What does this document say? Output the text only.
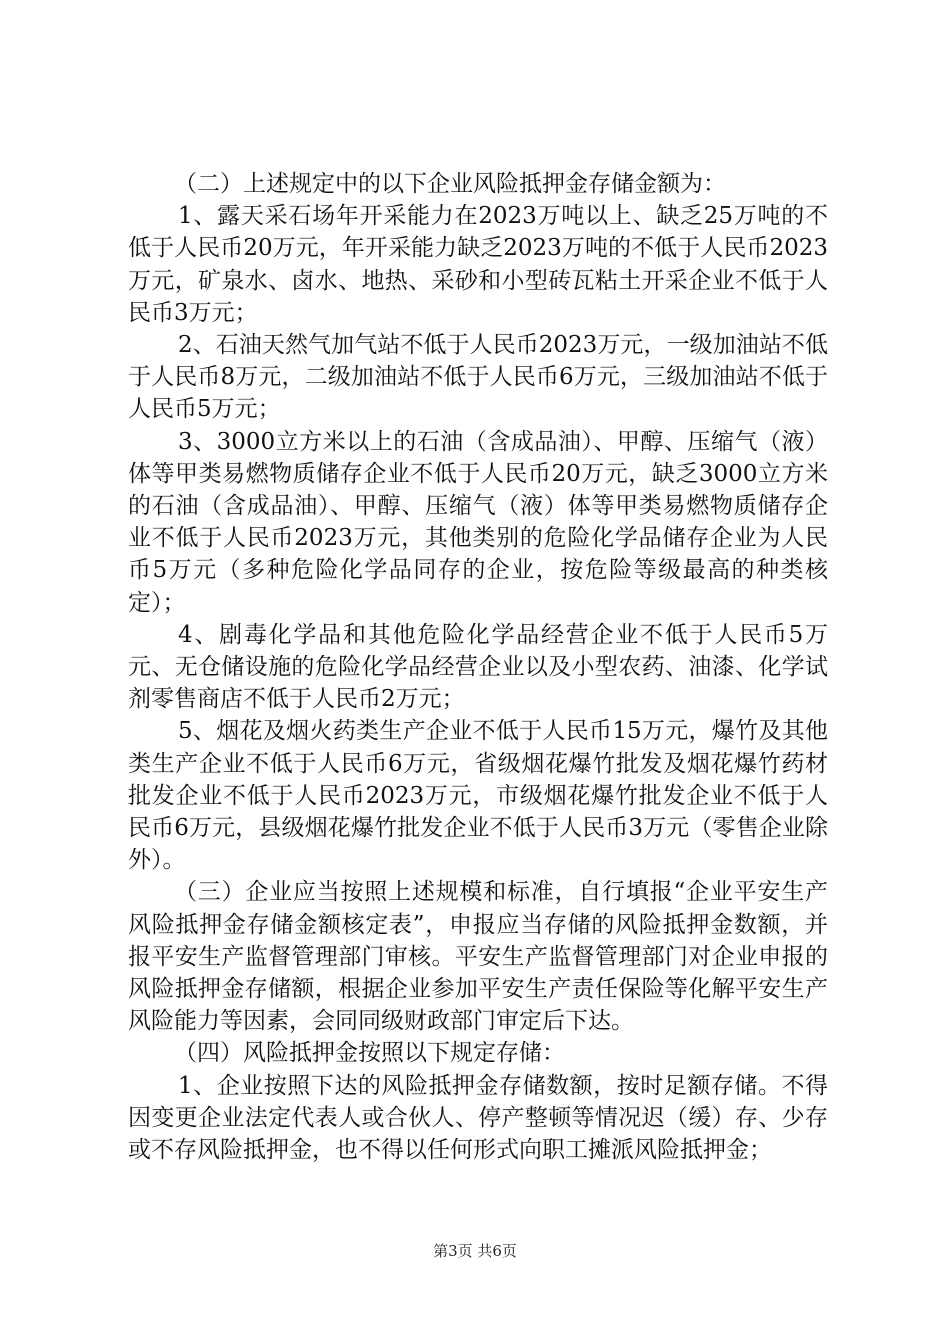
（二）上述规定中的以下企业风险抵押金存储金额为：

1、露天采石场年开采能力在2023万吨以上、缺乏25万吨的不低于人民币20万元，年开采能力缺乏2023万吨的不低于人民币2023万元，矿泉水、卤水、地热、采砂和小型砖瓦粘土开采企业不低于人民币3万元；

2、石油天然气加气站不低于人民币2023万元，一级加油站不低于人民币8万元，二级加油站不低于人民币6万元，三级加油站不低于人民币5万元；

3、3000立方米以上的石油（含成品油）、甲醇、压缩气（液）体等甲类易燃物质储存企业不低于人民币20万元，缺乏3000立方米的石油（含成品油）、甲醇、压缩气（液）体等甲类易燃物质储存企业不低于人民币2023万元，其他类别的危险化学品储存企业为人民币5万元（多种危险化学品同存的企业，按危险等级最高的种类核定）；

4、剧毒化学品和其他危险化学品经营企业不低于人民币5万元、无仓储设施的危险化学品经营企业以及小型农药、油漆、化学试剂零售商店不低于人民币2万元；

5、烟花及烟火药类生产企业不低于人民币15万元，爆竹及其他类生产企业不低于人民币6万元，省级烟花爆竹批发及烟花爆竹药材批发企业不低于人民币2023万元，市级烟花爆竹批发企业不低于人民币6万元，县级烟花爆竹批发企业不低于人民币3万元（零售企业除外）。

（三）企业应当按照上述规模和标准，自行填报“企业平安生产风险抵押金存储金额核定表”，申报应当存储的风险抵押金数额，并报平安生产监督管理部门审核。平安生产监督管理部门对企业申报的风险抵押金存储额，根据企业参加平安生产责任保险等化解平安生产风险能力等因素，会同同级财政部门审定后下达。

（四）风险抵押金按照以下规定存储：

1、企业按照下达的风险抵押金存储数额，按时足额存储。不得因变更企业法定代表人或合伙人、停产整顿等情况迟（缓）存、少存或不存风险抵押金，也不得以任何形式向职工摊派风险抵押金；

第3页 共6页
